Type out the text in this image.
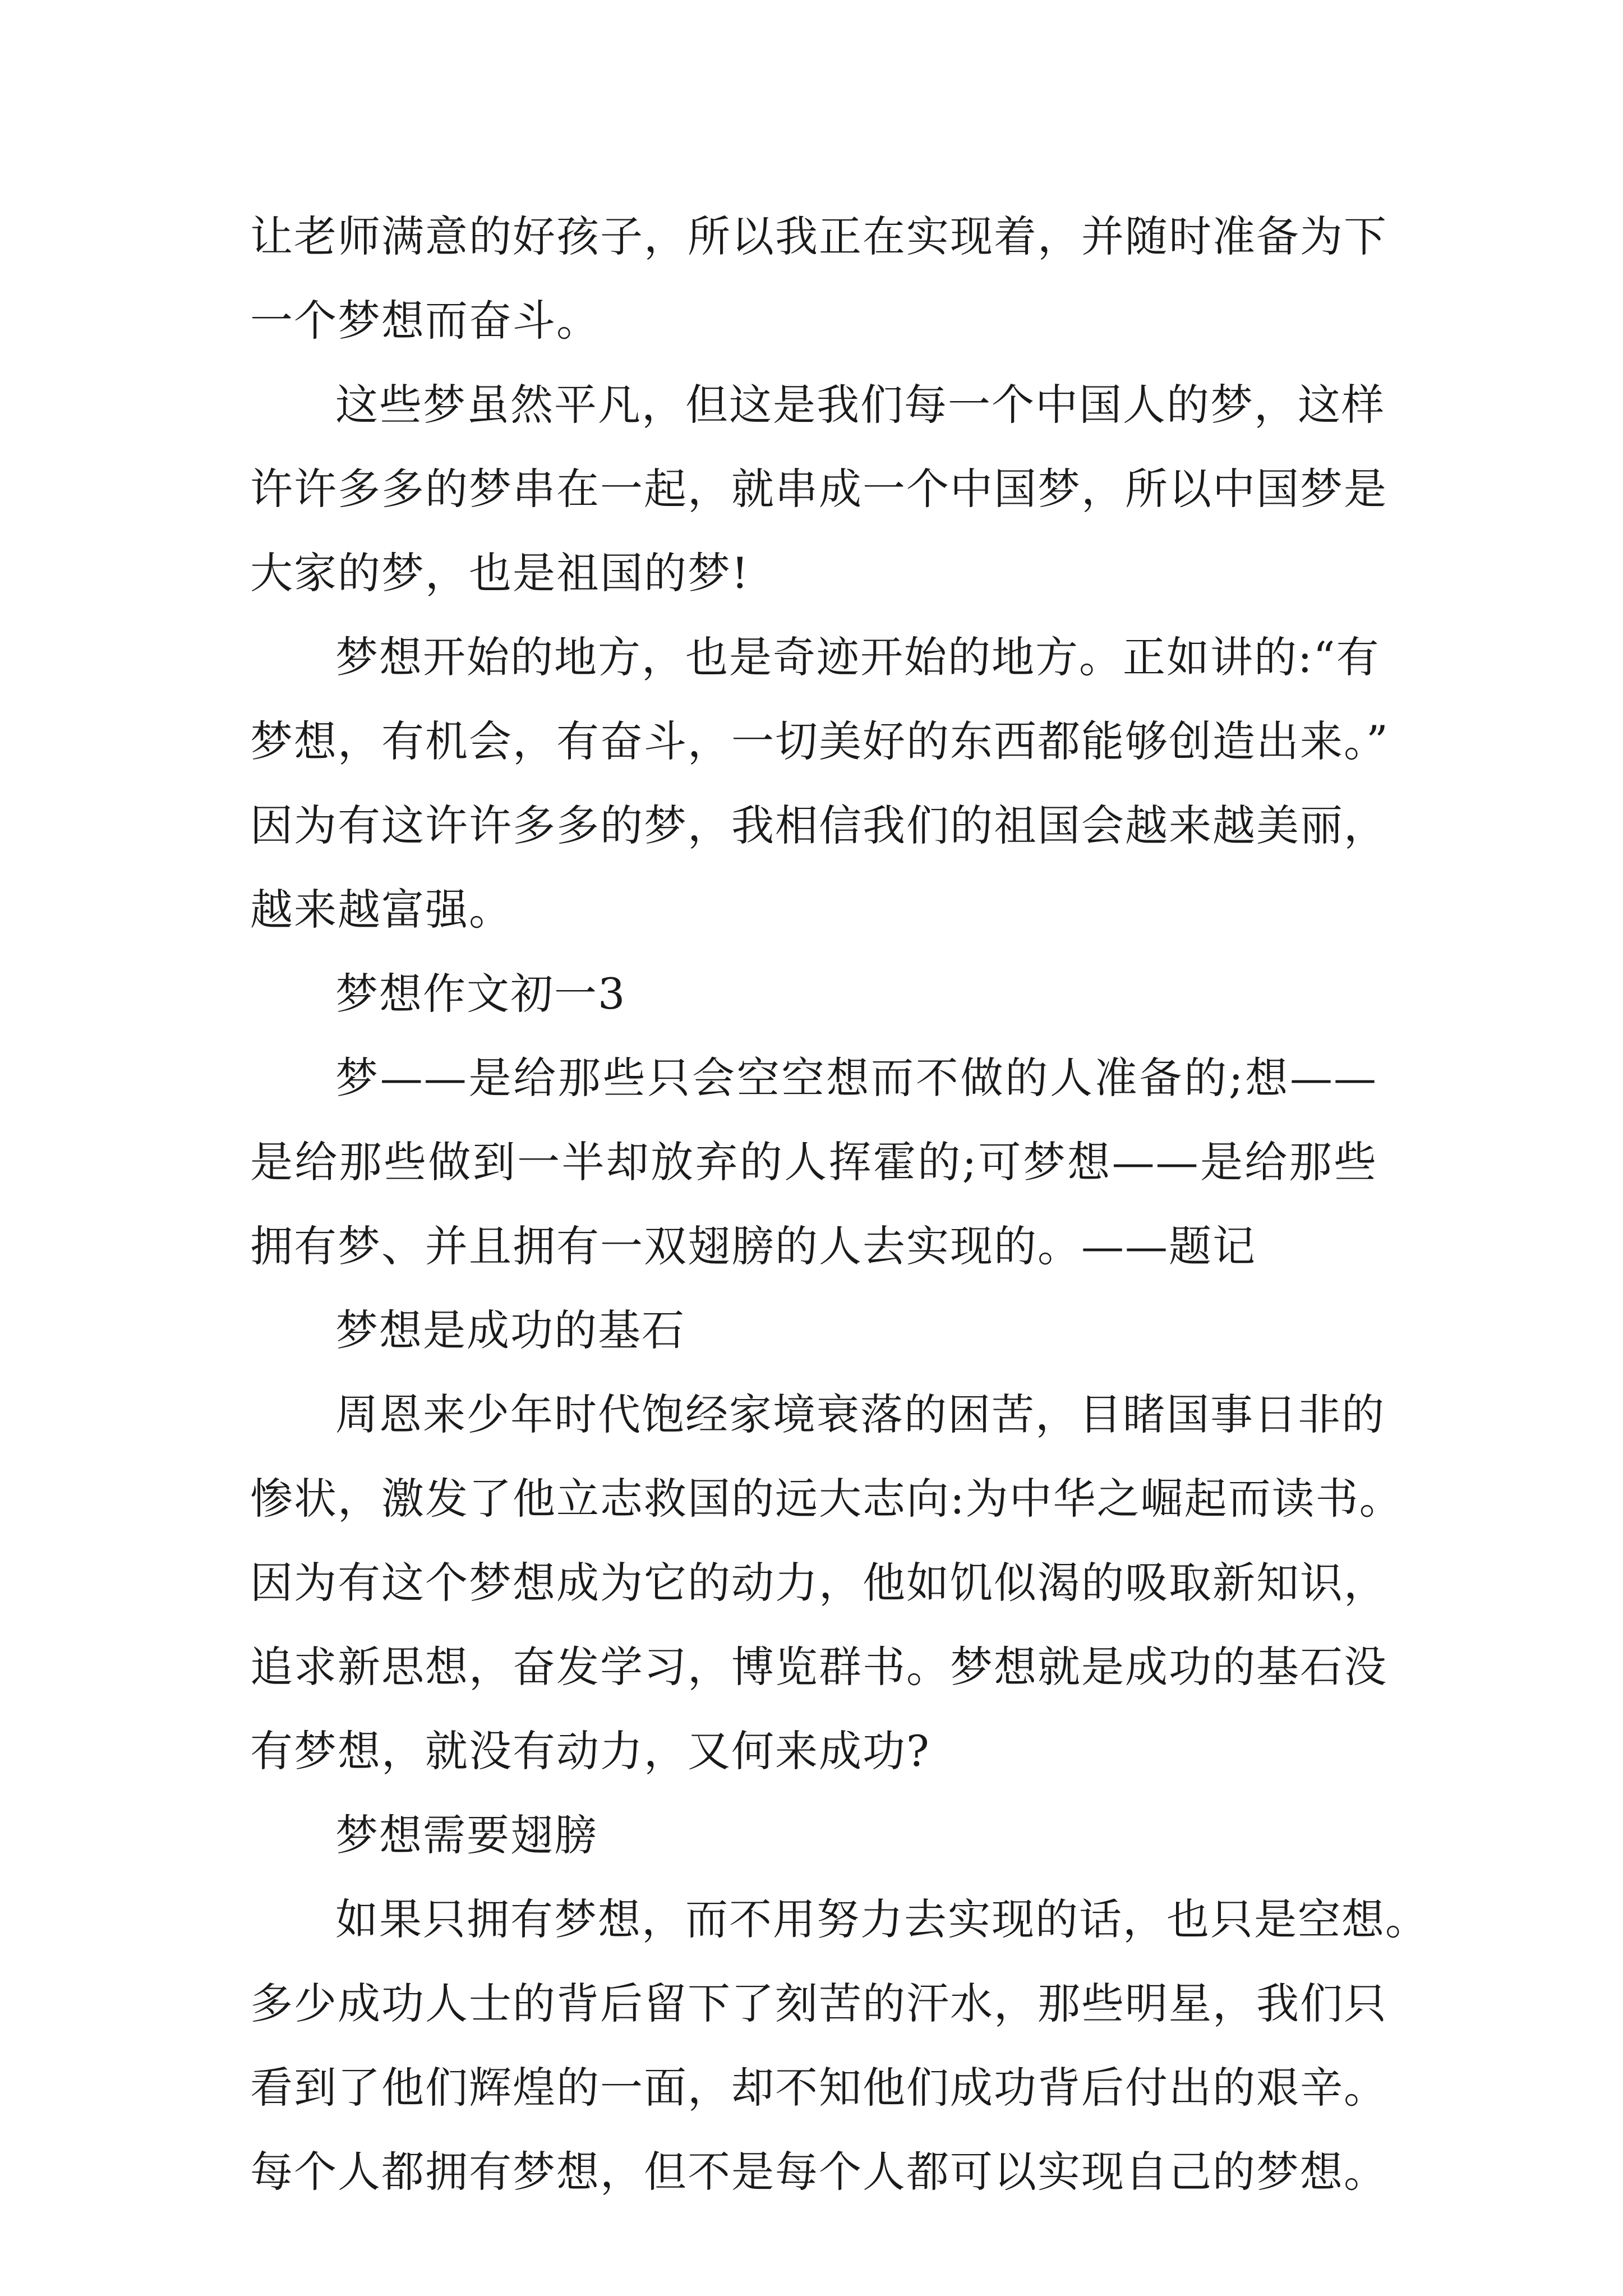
让老师满意的好孩子，所以我正在实现着，并随时准备为下
一个梦想而奋斗。
这些梦虽然平凡，但这是我们每一个中国人的梦，这样
许许多多的梦串在一起，就串成一个中国梦，所以中国梦是
大家的梦，也是祖国的梦!
梦想开始的地方，也是奇迹开始的地方。正如讲的:“有
梦想，有机会，有奋斗，一切美好的东西都能够创造出来。”
因为有这许许多多的梦，我相信我们的祖国会越来越美丽，
越来越富强。
梦想作文初一3
梦——是给那些只会空空想而不做的人准备的;想——
是给那些做到一半却放弃的人挥霍的;可梦想——是给那些
拥有梦、并且拥有一双翅膀的人去实现的。——题记
梦想是成功的基石
周恩来少年时代饱经家境衰落的困苦，目睹国事日非的
惨状，激发了他立志救国的远大志向:为中华之崛起而读书。
因为有这个梦想成为它的动力，他如饥似渴的吸取新知识，
追求新思想，奋发学习，博览群书。梦想就是成功的基石没
有梦想，就没有动力，又何来成功?
梦想需要翅膀
如果只拥有梦想，而不用努力去实现的话，也只是空想。
多少成功人士的背后留下了刻苦的汗水，那些明星，我们只
看到了他们辉煌的一面，却不知他们成功背后付出的艰辛。
每个人都拥有梦想，但不是每个人都可以实现自己的梦想。
